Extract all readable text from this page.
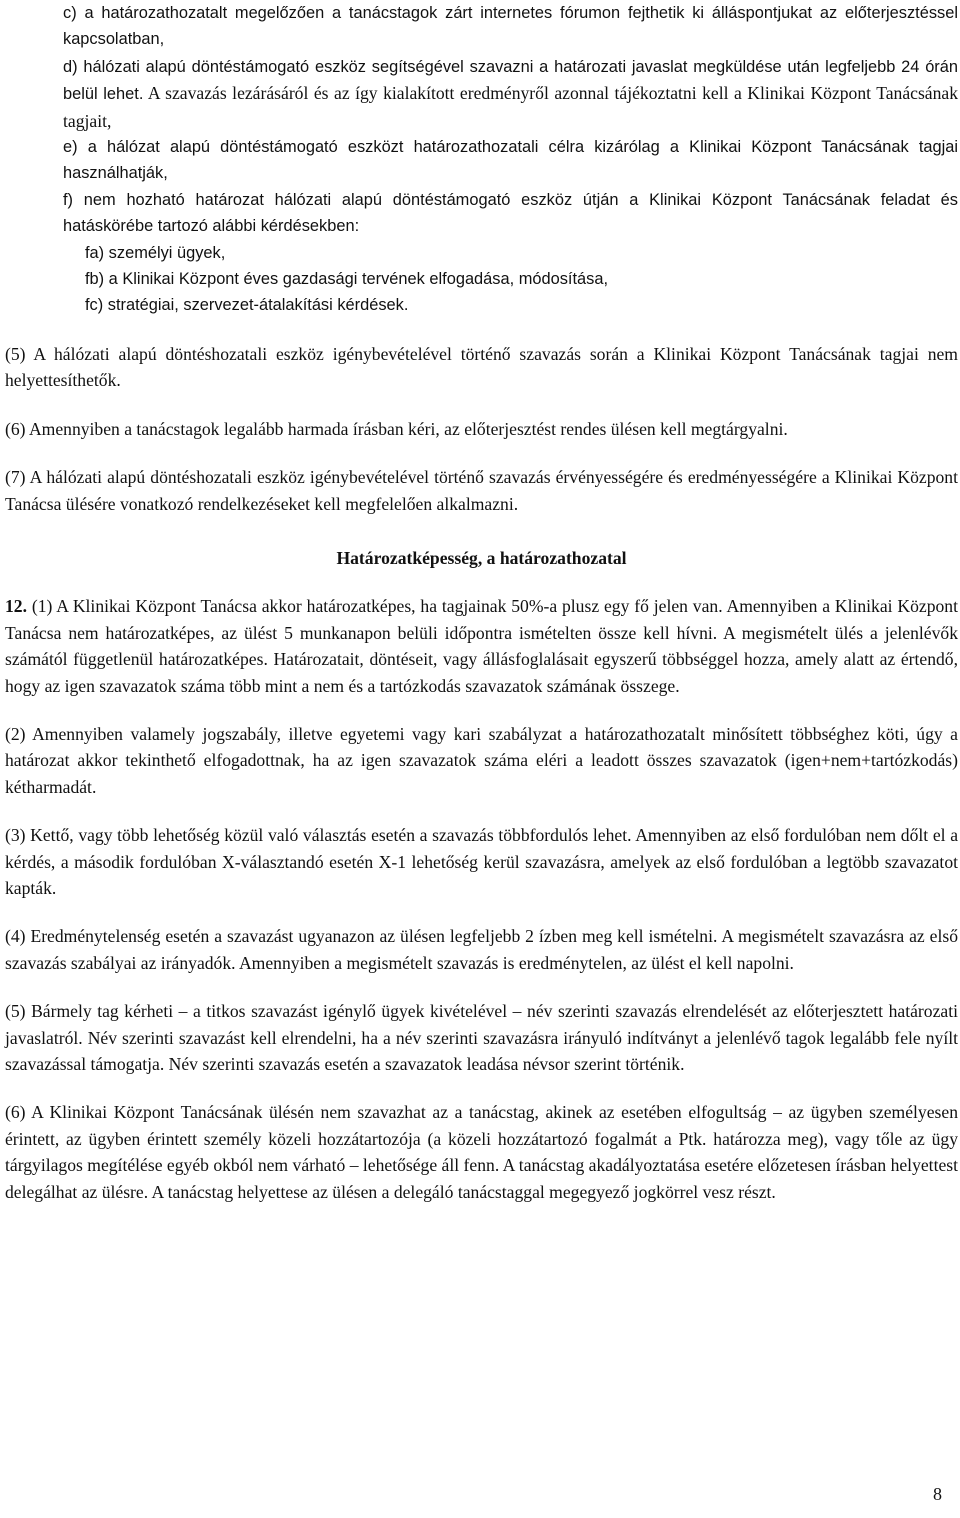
c) a határozathozatalt megelőzően a tanácstagok zárt internetes fórumon fejthetik ki álláspontjukat az előterjesztéssel kapcsolatban,

d) hálózati alapú döntéstámogató eszköz segítségével szavazni a határozati javaslat megküldése után legfeljebb 24 órán belül lehet. A szavazás lezárásáról és az így kialakított eredményről azonnal tájékoztatni kell a Klinikai Központ Tanácsának tagjait,

e) a hálózat alapú döntéstámogató eszközt határozathozatali célra kizárólag a Klinikai Központ Tanácsának tagjai használhatják,

f) nem hozható határozat hálózati alapú döntéstámogató eszköz útján a Klinikai Központ Tanácsának feladat és hatáskörébe tartozó alábbi kérdésekben:

fa) személyi ügyek,

fb) a Klinikai Központ éves gazdasági tervének elfogadása, módosítása,

fc) stratégiai, szervezet-átalakítási kérdések.

(5) A hálózati alapú döntéshozatali eszköz igénybevételével történő szavazás során a Klinikai Központ Tanácsának tagjai nem helyettesíthetők.

(6) Amennyiben a tanácstagok legalább harmada írásban kéri, az előterjesztést rendes ülésen kell megtárgyalni.

(7) A hálózati alapú döntéshozatali eszköz igénybevételével történő szavazás érvényességére és eredményességére a Klinikai Központ Tanácsa ülésére vonatkozó rendelkezéseket kell megfelelően alkalmazni.

Határozatképesség, a határozathozatal

12. (1) A Klinikai Központ Tanácsa akkor határozatképes, ha tagjainak 50%-a plusz egy fő jelen van. Amennyiben a Klinikai Központ Tanácsa nem határozatképes, az ülést 5 munkanapon belüli időpontra ismételten össze kell hívni. A megismételt ülés a jelenlévők számától függetlenül határozatképes. Határozatait, döntéseit, vagy állásfoglalásait egyszerű többséggel hozza, amely alatt az értendő, hogy az igen szavazatok száma több mint a nem és a tartózkodás szavazatok számának összege.

(2) Amennyiben valamely jogszabály, illetve egyetemi vagy kari szabályzat a határozathozatalt minősített többséghez köti, úgy a határozat akkor tekinthető elfogadottnak, ha az igen szavazatok száma eléri a leadott összes szavazatok (igen+nem+tartózkodás) kétharmadát.

(3) Kettő, vagy több lehetőség közül való választás esetén a szavazás többfordulós lehet. Amennyiben az első fordulóban nem dőlt el a kérdés, a második fordulóban X-választandó esetén X-1 lehetőség kerül szavazásra, amelyek az első fordulóban a legtöbb szavazatot kapták.

(4) Eredménytelenség esetén a szavazást ugyanazon az ülésen legfeljebb 2 ízben meg kell ismételni. A megismételt szavazásra az első szavazás szabályai az irányadók. Amennyiben a megismételt szavazás is eredménytelen, az ülést el kell napolni.

(5) Bármely tag kérheti – a titkos szavazást igénylő ügyek kivételével – név szerinti szavazás elrendelését az előterjesztett határozati javaslatról. Név szerinti szavazást kell elrendelni, ha a név szerinti szavazásra irányuló indítványt a jelenlévő tagok legalább fele nyílt szavazással támogatja. Név szerinti szavazás esetén a szavazatok leadása névsor szerint történik.

(6) A Klinikai Központ Tanácsának ülésén nem szavazhat az a tanácstag, akinek az esetében elfogultság – az ügyben személyesen érintett, az ügyben érintett személy közeli hozzátartozója (a közeli hozzátartozó fogalmát a Ptk. határozza meg), vagy tőle az ügy tárgyilagos megítélése egyéb okból nem várható – lehetősége áll fenn. A tanácstag akadályoztatása esetére előzetesen írásban helyettest delegálhat az ülésre. A tanácstag helyettese az ülésen a delegáló tanácstaggal megegyező jogkörrel vesz részt.

8
